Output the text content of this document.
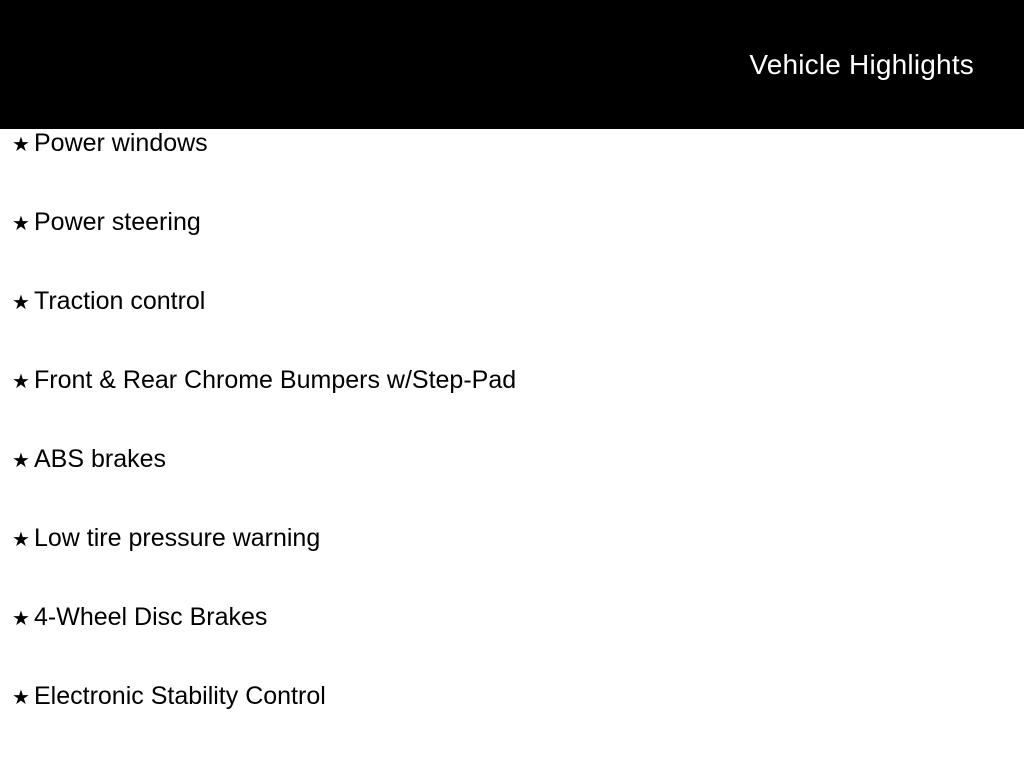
Vehicle Highlights
★ Power windows
★ Power steering
★ Traction control
★ Front & Rear Chrome Bumpers w/Step-Pad
★ ABS brakes
★ Low tire pressure warning
★ 4-Wheel Disc Brakes
★ Electronic Stability Control
